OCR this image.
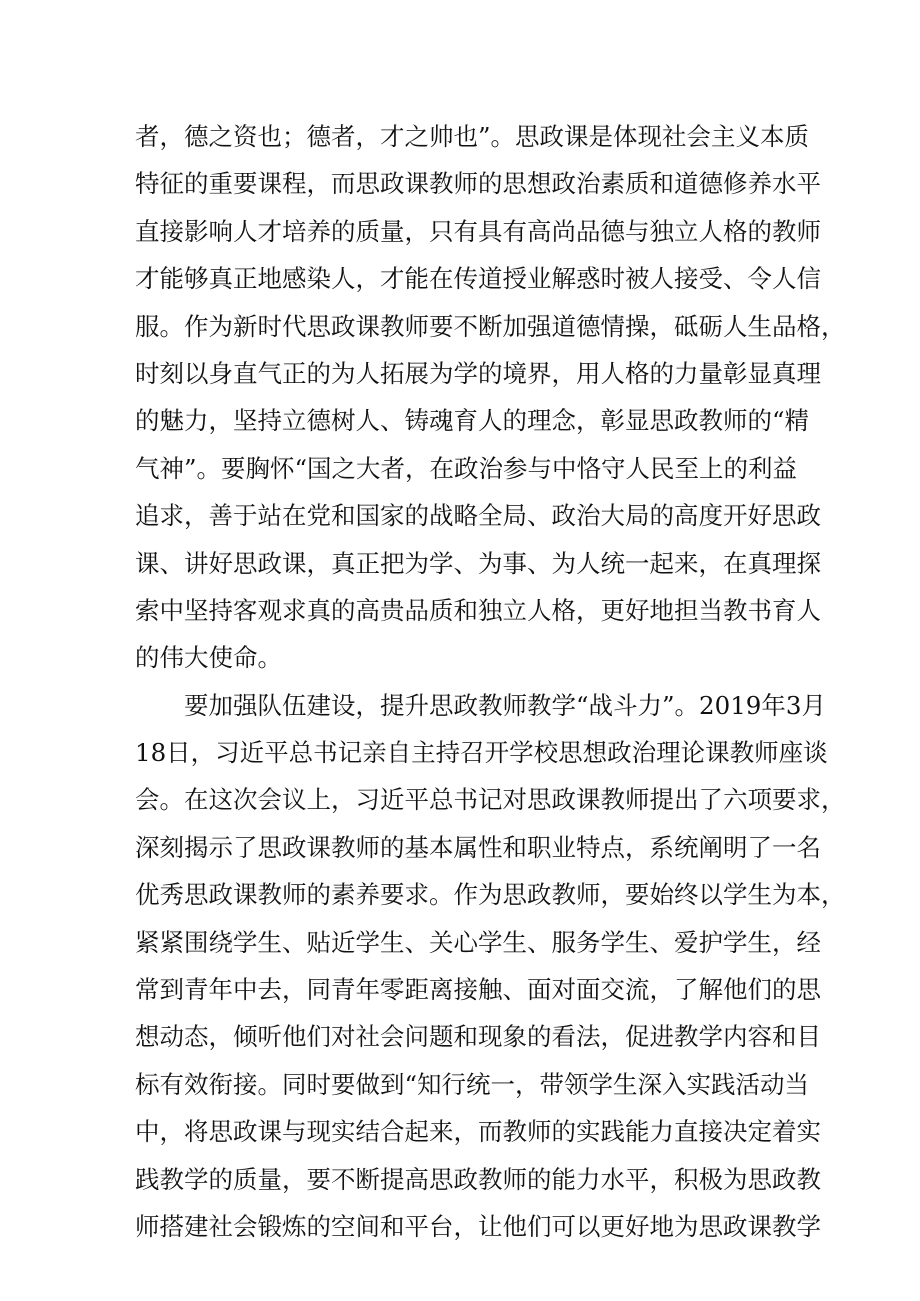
者，德之资也；德者，才之帅也”。思政课是体现社会主义本质
特征的重要课程，而思政课教师的思想政治素质和道德修养水平
直接影响人才培养的质量，只有具有高尚品德与独立人格的教师
才能够真正地感染人，才能在传道授业解惑时被人接受、令人信
服。作为新时代思政课教师要不断加强道德情操，砥砺人生品格，
时刻以身直气正的为人拓展为学的境界，用人格的力量彰显真理
的魅力，坚持立德树人、铸魂育人的理念，彰显思政教师的“精
气神”。要胸怀“国之大者，在政治参与中恪守人民至上的利益
追求，善于站在党和国家的战略全局、政治大局的高度开好思政
课、讲好思政课，真正把为学、为事、为人统一起来，在真理探
索中坚持客观求真的高贵品质和独立人格，更好地担当教书育人
的伟大使命。
要加强队伍建设，提升思政教师教学“战斗力”。2019年3月
18日，习近平总书记亲自主持召开学校思想政治理论课教师座谈
会。在这次会议上，习近平总书记对思政课教师提出了六项要求，
深刻揭示了思政课教师的基本属性和职业特点，系统阐明了一名
优秀思政课教师的素养要求。作为思政教师，要始终以学生为本，
紧紧围绕学生、贴近学生、关心学生、服务学生、爱护学生，经
常到青年中去，同青年零距离接触、面对面交流，了解他们的思
想动态，倾听他们对社会问题和现象的看法，促进教学内容和目
标有效衔接。同时要做到“知行统一，带领学生深入实践活动当
中，将思政课与现实结合起来，而教师的实践能力直接决定着实
践教学的质量，要不断提高思政教师的能力水平，积极为思政教
师搭建社会锻炼的空间和平台，让他们可以更好地为思政课教学
